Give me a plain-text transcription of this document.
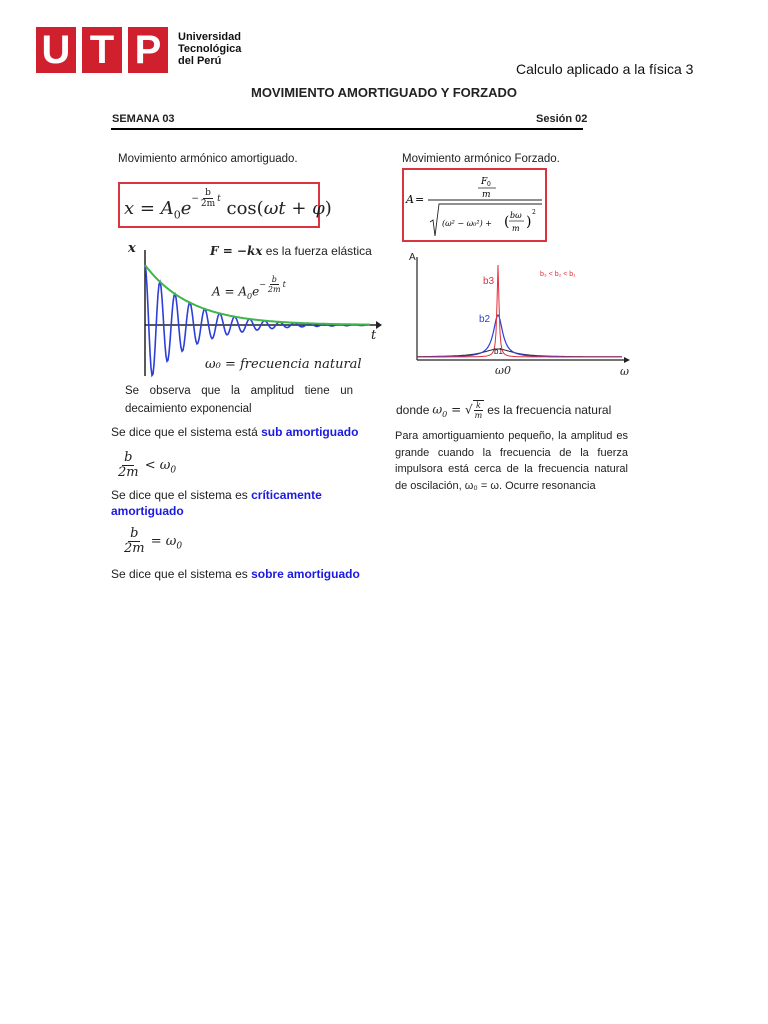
U T P	Universidad
Tecnológica
del Perú	Calculo aplicado a la física 3
MOVIMIENTO AMORTIGUADO Y FORZADO
SEMANA 03	Sesión 02
Movimiento armónico amortiguado.
$x = A_0e^{- \frac{b}{2m} t}$ cos(ωt + φ)
x
t
F = −kx es la fuerza elástica
$A = A_0e^{- \frac{b}{2m} t}$
ω₀ = frecuencia natural
Se observa que la amplitud tiene un decaimiento exponencial
Se dice que el sistema está sub amortiguado
$\frac{b}{2m} < \omega_0$
Se dice que el sistema es críticamente amortiguado
$\frac{b}{2m} = \omega_0$
Se dice que el sistema es sobre amortiguado
Movimiento armónico Forzado.
A =
F 0
m
(ω² − ω₀²) + ( bω
m )
2
A
ω
ω0
b3
b2
b1
b₃ < b₂ < b₁
donde $\omega_0$ = √ $\frac{k}{m}$ es la frecuencia natural
Para amortiguamiento pequeño, la amplitud es grande cuando la frecuencia de la fuerza impulsora está cerca de la frecuencia natural de oscilación, ω₀ = ω. Ocurre resonancia
